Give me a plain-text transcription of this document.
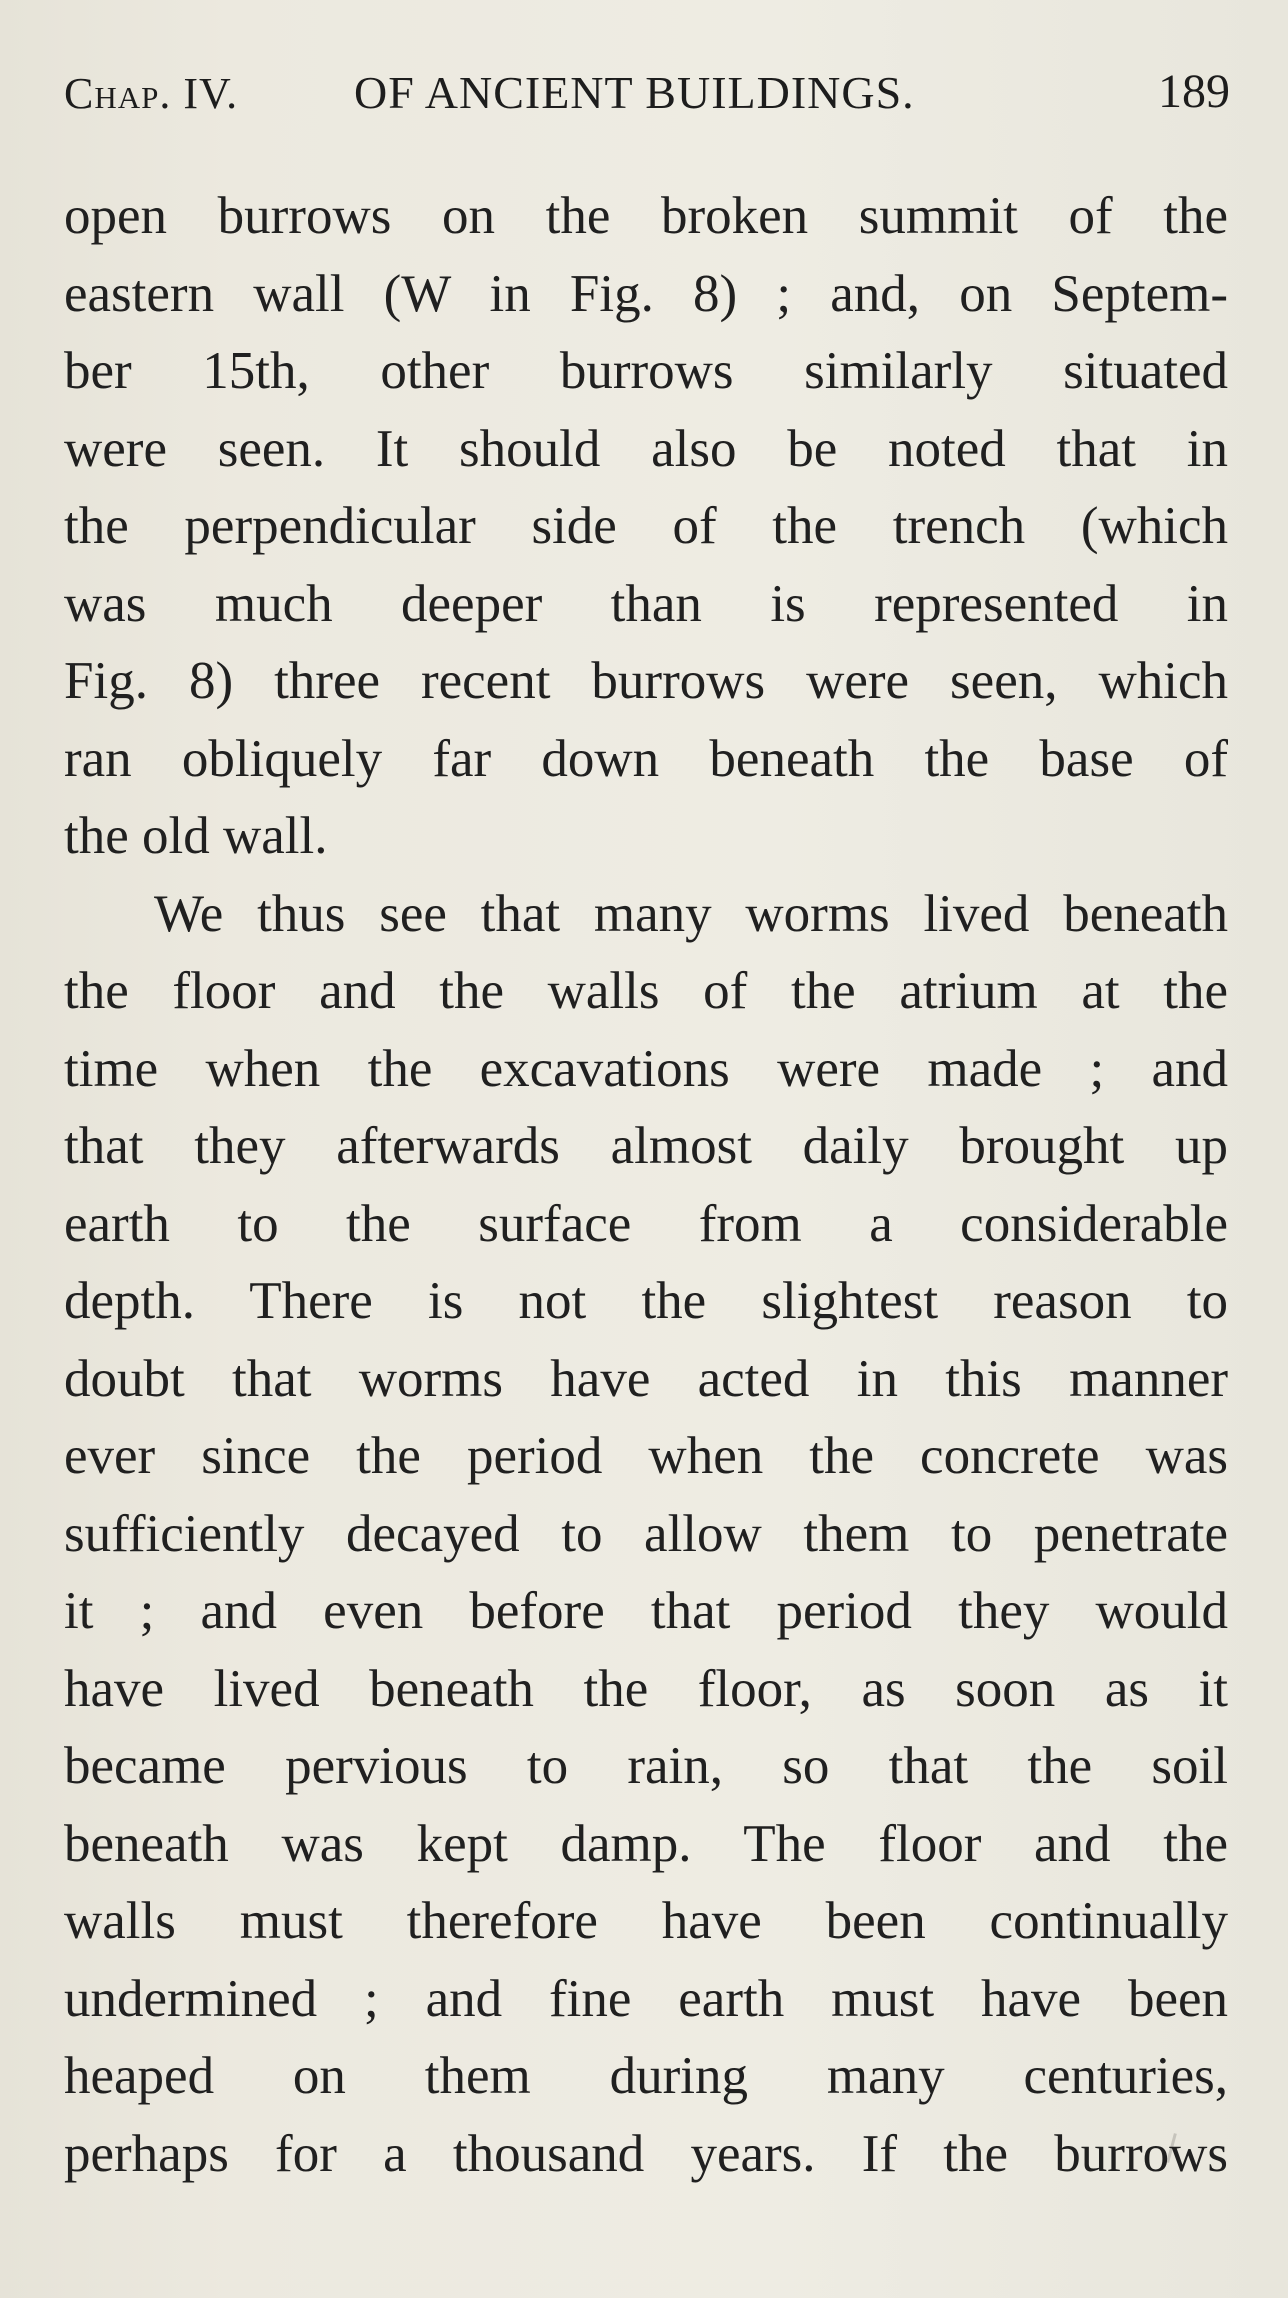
Chap. IV.	OF ANCIENT BUILDINGS.	189
open burrows on the broken summit of the
eastern wall (W in Fig. 8) ; and, on Septem-
ber 15th, other burrows similarly situated
were seen. It should also be noted that in
the perpendicular side of the trench (which
was much deeper than is represented in
Fig. 8) three recent burrows were seen, which
ran obliquely far down beneath the base of
the old wall.
We thus see that many worms lived beneath
the floor and the walls of the atrium at the
time when the excavations were made ; and
that they afterwards almost daily brought up
earth to the surface from a considerable
depth. There is not the slightest reason to
doubt that worms have acted in this manner
ever since the period when the concrete was
sufficiently decayed to allow them to penetrate
it ; and even before that period they would
have lived beneath the floor, as soon as it
became pervious to rain, so that the soil
beneath was kept damp. The floor and the
walls must therefore have been continually
undermined ; and fine earth must have been
heaped on them during many centuries,
perhaps for a thousand years. If the burrows
